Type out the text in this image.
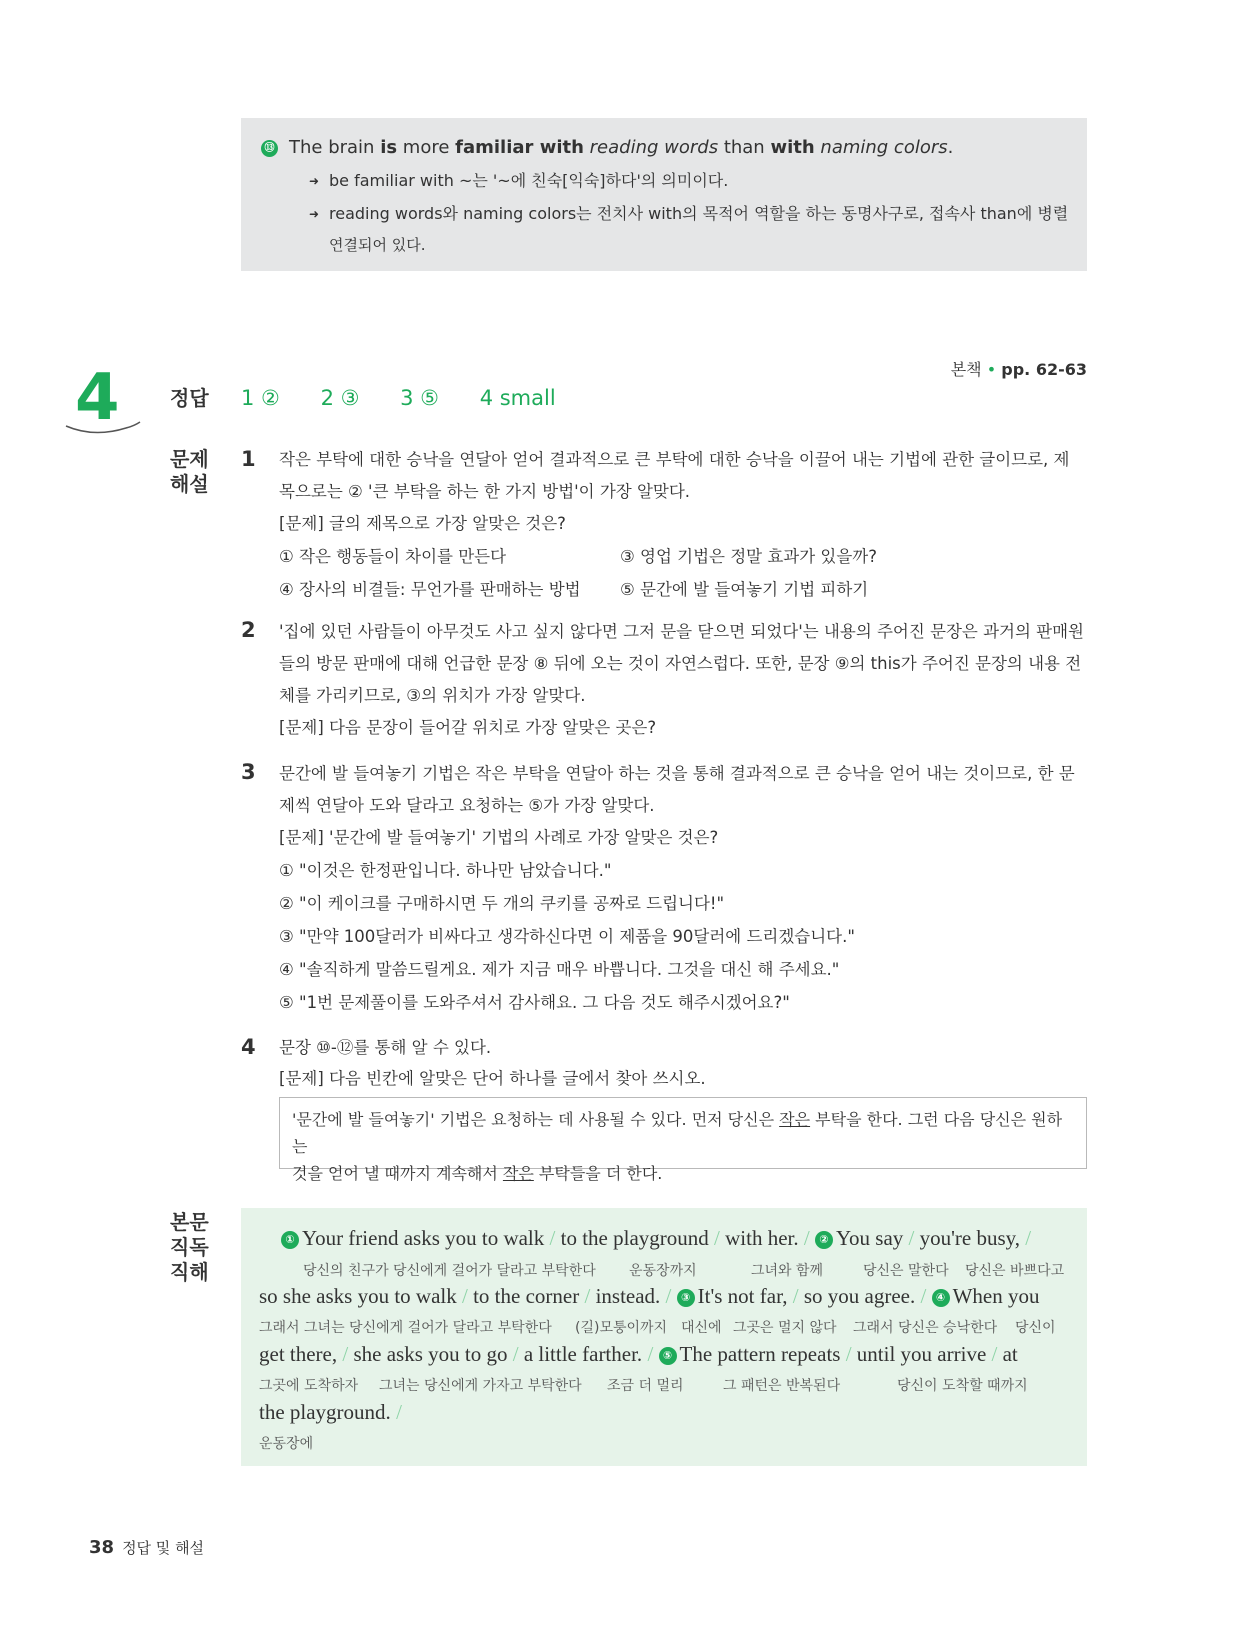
⑬ The brain is more familiar with reading words than with naming colors.
➜ be familiar with ~는 '~에 친숙[익숙]하다'의 의미이다.
➜ reading words와 naming colors는 전치사 with의 목적어 역할을 하는 동명사구로, 접속사 than에 병렬
연결되어 있다.
본책 • pp. 62-63
4	정답
문제
해설
1 ② 2 ③ 3 ⑤ 4 small
1 작은 부탁에 대한 승낙을 연달아 얻어 결과적으로 큰 부탁에 대한 승낙을 이끌어 내는 기법에 관한 글이므로, 제
목으로는 ② '큰 부탁을 하는 한 가지 방법'이 가장 알맞다.
[문제] 글의 제목으로 가장 알맞은 것은?
① 작은 행동들이 차이를 만든다	③ 영업 기법은 정말 효과가 있을까?
④ 장사의 비결들: 무언가를 판매하는 방법 ⑤ 문간에 발 들여놓기 기법 피하기
2 '집에 있던 사람들이 아무것도 사고 싶지 않다면 그저 문을 닫으면 되었다'는 내용의 주어진 문장은 과거의 판매원
들의 방문 판매에 대해 언급한 문장 ⑧ 뒤에 오는 것이 자연스럽다. 또한, 문장 ⑨의 this가 주어진 문장의 내용 전
체를 가리키므로, ③의 위치가 가장 알맞다.
[문제] 다음 문장이 들어갈 위치로 가장 알맞은 곳은?
3 문간에 발 들여놓기 기법은 작은 부탁을 연달아 하는 것을 통해 결과적으로 큰 승낙을 얻어 내는 것이므로, 한 문
제씩 연달아 도와 달라고 요청하는 ⑤가 가장 알맞다.
[문제] '문간에 발 들여놓기' 기법의 사례로 가장 알맞은 것은?
① "이것은 한정판입니다. 하나만 남았습니다."
② "이 케이크를 구매하시면 두 개의 쿠키를 공짜로 드립니다!"
③ "만약 100달러가 비싸다고 생각하신다면 이 제품을 90달러에 드리겠습니다."
④ "솔직하게 말씀드릴게요. 제가 지금 매우 바쁩니다. 그것을 대신 해 주세요."
⑤ "1번 문제풀이를 도와주셔서 감사해요. 그 다음 것도 해주시겠어요?"
4 문장 ⑩-⑫를 통해 알 수 있다.
[문제] 다음 빈칸에 알맞은 단어 하나를 글에서 찾아 쓰시오.
'문간에 발 들여놓기' 기법은 요청하는 데 사용될 수 있다. 먼저 당신은 작은 부탁을 한다. 그런 다음 당신은 원하는
것을 얻어 낼 때까지 계속해서 작은 부탁들을 더 한다.
본문
직독
직해
① Your friend asks you to walk / to the playground / with her. / ② You say / you're busy, /
당신의 친구가 당신에게 걸어가 달라고 부탁한다 운동장까지	그녀와 함께	당신은 말한다 당신은 바쁘다고
so she asks you to walk / to the corner / instead. / ③ It's not far, / so you agree. / ④ When you
그래서 그녀는 당신에게 걸어가 달라고 부탁한다 (길)모퉁이까지 대신에 그곳은 멀지 않다 그래서 당신은 승낙한다 당신이
get there, / she asks you to go / a little farther. / ⑤ The pattern repeats / until you arrive / at
그곳에 도착하자 그녀는 당신에게 가자고 부탁한다 조금 더 멀리	그 패턴은 반복된다	당신이 도착할 때까지
the playground. /
운동장에
38 정답 및 해설
